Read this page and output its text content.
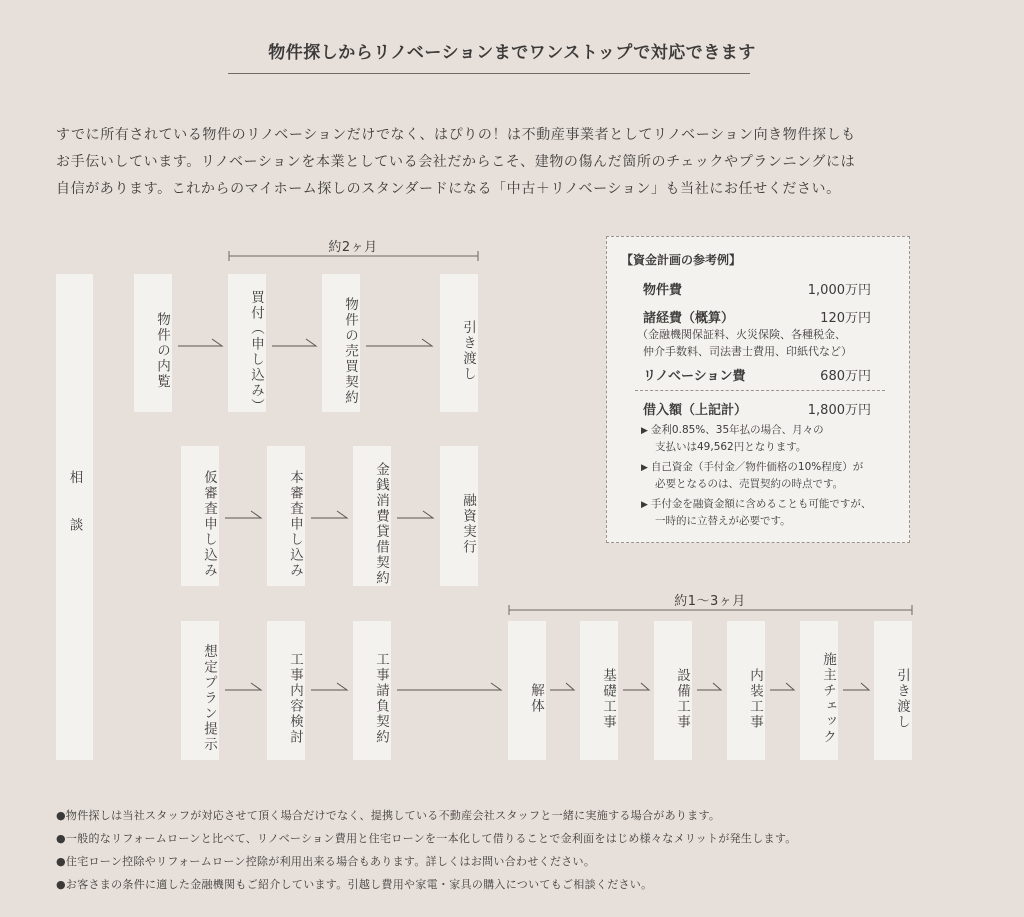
物件探しからリノベーションまでワンストップで対応できます
すでに所有されている物件のリノベーションだけでなく、はぴりの！は不動産事業者としてリノベーション向き物件探しも
お手伝いしています。リノベーションを本業としている会社だからこそ、建物の傷んだ箇所のチェックやプランニングには
自信があります。これからのマイホーム探しのスタンダードになる「中古＋リノベーション」も当社にお任せください。
約2ヶ月
約1～3ヶ月
相談
物件の内覧	買付（申し込み）	物件の売買契約	引き渡し
仮審査申し込み	本審査申し込み	金銭消費貸借契約	融資実行
想定プラン提示	工事内容検討	工事請負契約	解体	基礎工事	設備工事	内装工事	施主チェック	引き渡し
【資金計画の参考例】
物件費	1,000万円
諸経費（概算）	120万円
（金融機関保証料、火災保険、各種税金、
仲介手数料、司法書士費用、印紙代など）
リノベーション費	680万円
借入額（上記計）	1,800万円
▶ 金利0.85%、35年払の場合、月々の
支払いは49,562円となります。
▶ 自己資金（手付金／物件価格の10%程度）が
必要となるのは、売買契約の時点です。
▶ 手付金を融資金額に含めることも可能ですが、
一時的に立替えが必要です。
●物件探しは当社スタッフが対応させて頂く場合だけでなく、提携している不動産会社スタッフと一緒に実施する場合があります。
●一般的なリフォームローンと比べて、リノベーション費用と住宅ローンを一本化して借りることで金利面をはじめ様々なメリットが発生します。
●住宅ローン控除やリフォームローン控除が利用出来る場合もあります。詳しくはお問い合わせください。
●お客さまの条件に適した金融機関もご紹介しています。引越し費用や家電・家具の購入についてもご相談ください。
